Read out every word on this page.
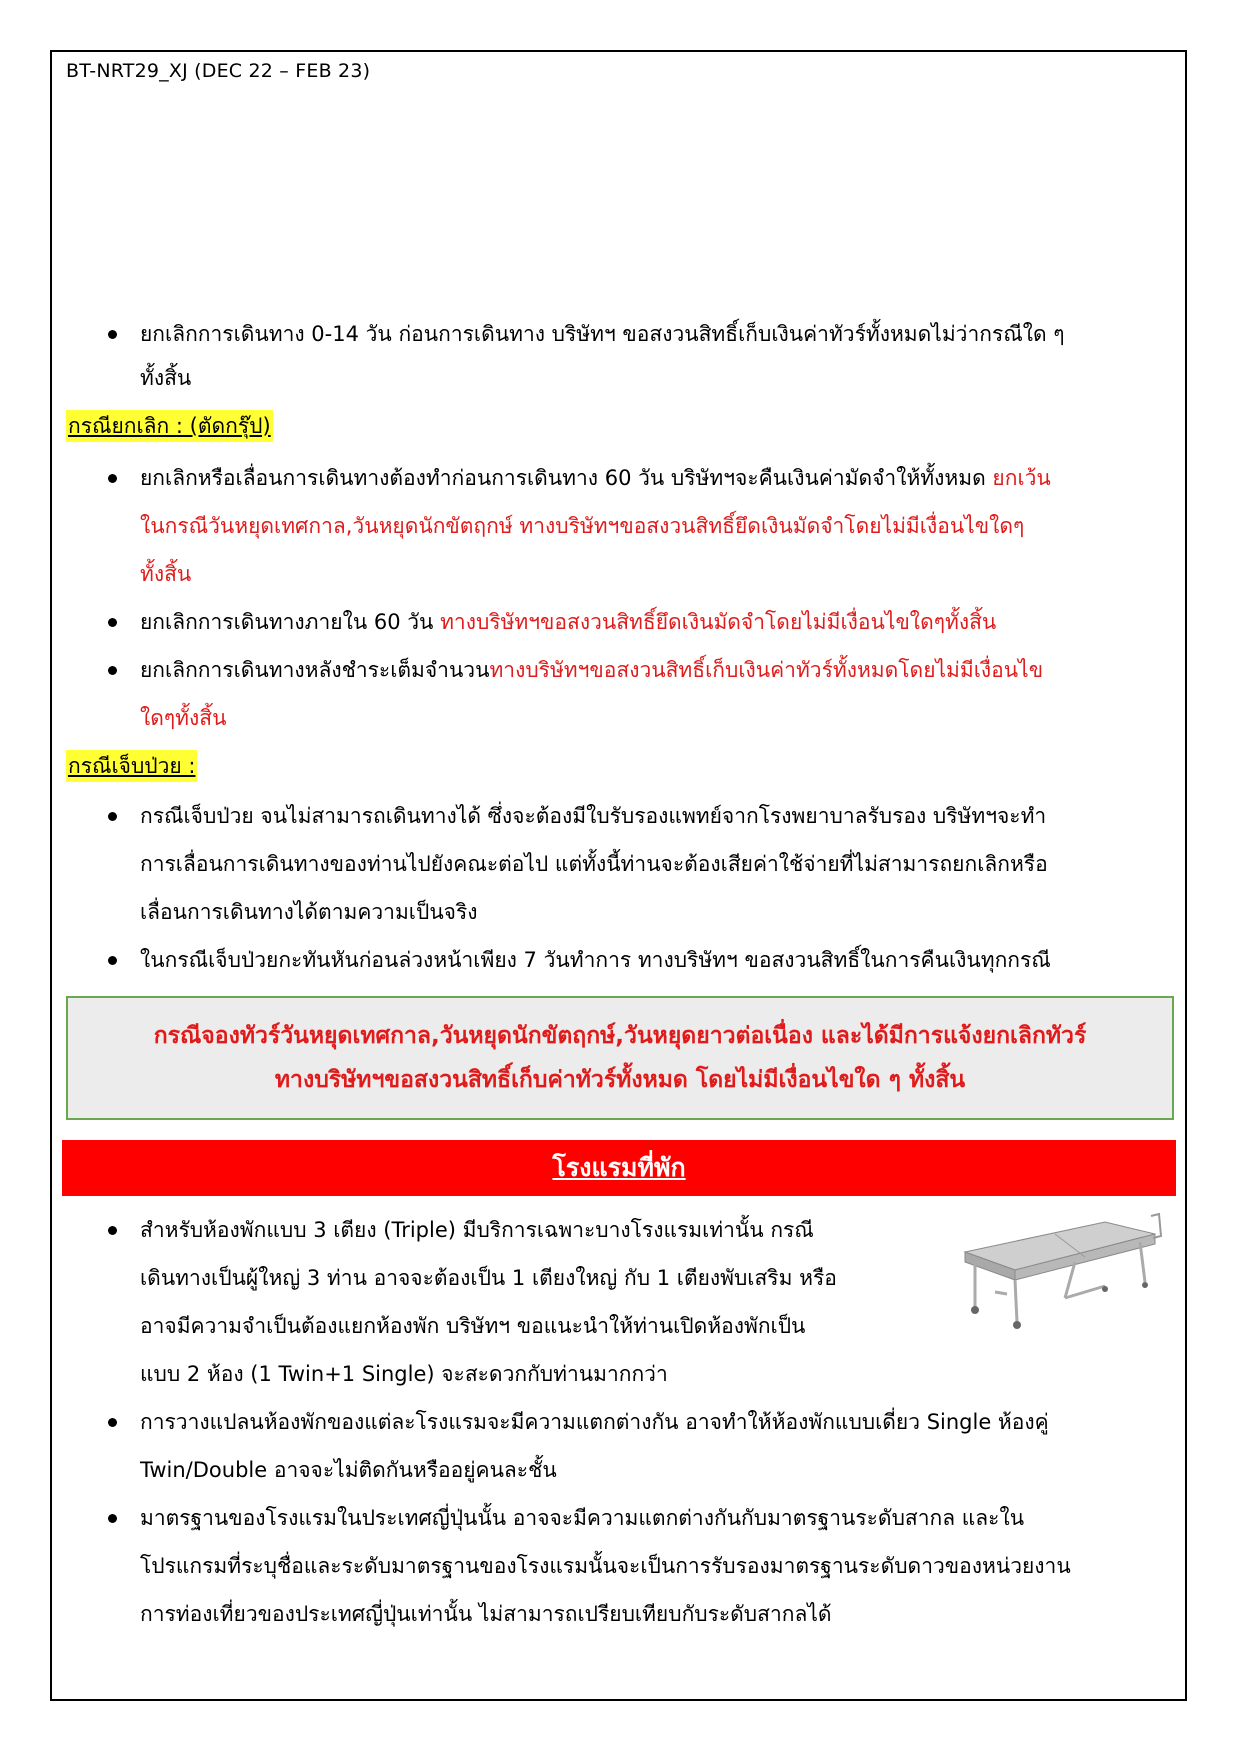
BT-NRT29_XJ (DEC 22 – FEB 23)
ยกเลิกการเดินทาง 0-14 วัน ก่อนการเดินทาง บริษัทฯ ขอสงวนสิทธิ์เก็บเงินค่าทัวร์ทั้งหมดไม่ว่ากรณีใด ๆ
ทั้งสิ้น
กรณียกเลิก : (ตัดกรุ๊ป)
ยกเลิกหรือเลื่อนการเดินทางต้องทำก่อนการเดินทาง 60 วัน บริษัทฯจะคืนเงินค่ามัดจำให้ทั้งหมด ยกเว้น
ในกรณีวันหยุดเทศกาล,วันหยุดนักขัตฤกษ์ ทางบริษัทฯขอสงวนสิทธิ์ยึดเงินมัดจำโดยไม่มีเงื่อนไขใดๆ
ทั้งสิ้น
ยกเลิกการเดินทางภายใน 60 วัน ทางบริษัทฯขอสงวนสิทธิ์ยึดเงินมัดจำโดยไม่มีเงื่อนไขใดๆทั้งสิ้น
ยกเลิกการเดินทางหลังชำระเต็มจำนวนทางบริษัทฯขอสงวนสิทธิ์เก็บเงินค่าทัวร์ทั้งหมดโดยไม่มีเงื่อนไข
ใดๆทั้งสิ้น
กรณีเจ็บป่วย :
กรณีเจ็บป่วย จนไม่สามารถเดินทางได้ ซึ่งจะต้องมีใบรับรองแพทย์จากโรงพยาบาลรับรอง บริษัทฯจะทำ
การเลื่อนการเดินทางของท่านไปยังคณะต่อไป แต่ทั้งนี้ท่านจะต้องเสียค่าใช้จ่ายที่ไม่สามารถยกเลิกหรือ
เลื่อนการเดินทางได้ตามความเป็นจริง
ในกรณีเจ็บป่วยกะทันหันก่อนล่วงหน้าเพียง 7 วันทำการ ทางบริษัทฯ ขอสงวนสิทธิ์ในการคืนเงินทุกกรณี
กรณีจองทัวร์วันหยุดเทศกาล,วันหยุดนักขัตฤกษ์,วันหยุดยาวต่อเนื่อง และได้มีการแจ้งยกเลิกทัวร์
ทางบริษัทฯขอสงวนสิทธิ์เก็บค่าทัวร์ทั้งหมด โดยไม่มีเงื่อนไขใด ๆ ทั้งสิ้น
โรงแรมที่พัก
สำหรับห้องพักแบบ 3 เตียง (Triple) มีบริการเฉพาะบางโรงแรมเท่านั้น กรณี
เดินทางเป็นผู้ใหญ่ 3 ท่าน อาจจะต้องเป็น 1 เตียงใหญ่ กับ 1 เตียงพับเสริม หรือ
อาจมีความจำเป็นต้องแยกห้องพัก บริษัทฯ ขอแนะนำให้ท่านเปิดห้องพักเป็น
แบบ 2 ห้อง (1 Twin+1 Single) จะสะดวกกับท่านมากกว่า
การวางแปลนห้องพักของแต่ละโรงแรมจะมีความแตกต่างกัน อาจทำให้ห้องพักแบบเดี่ยว Single ห้องคู่
Twin/Double อาจจะไม่ติดกันหรืออยู่คนละชั้น
มาตรฐานของโรงแรมในประเทศญี่ปุ่นนั้น อาจจะมีความแตกต่างกันกับมาตรฐานระดับสากล และใน
โปรแกรมที่ระบุชื่อและระดับมาตรฐานของโรงแรมนั้นจะเป็นการรับรองมาตรฐานระดับดาวของหน่วยงาน
การท่องเที่ยวของประเทศญี่ปุ่นเท่านั้น ไม่สามารถเปรียบเทียบกับระดับสากลได้
